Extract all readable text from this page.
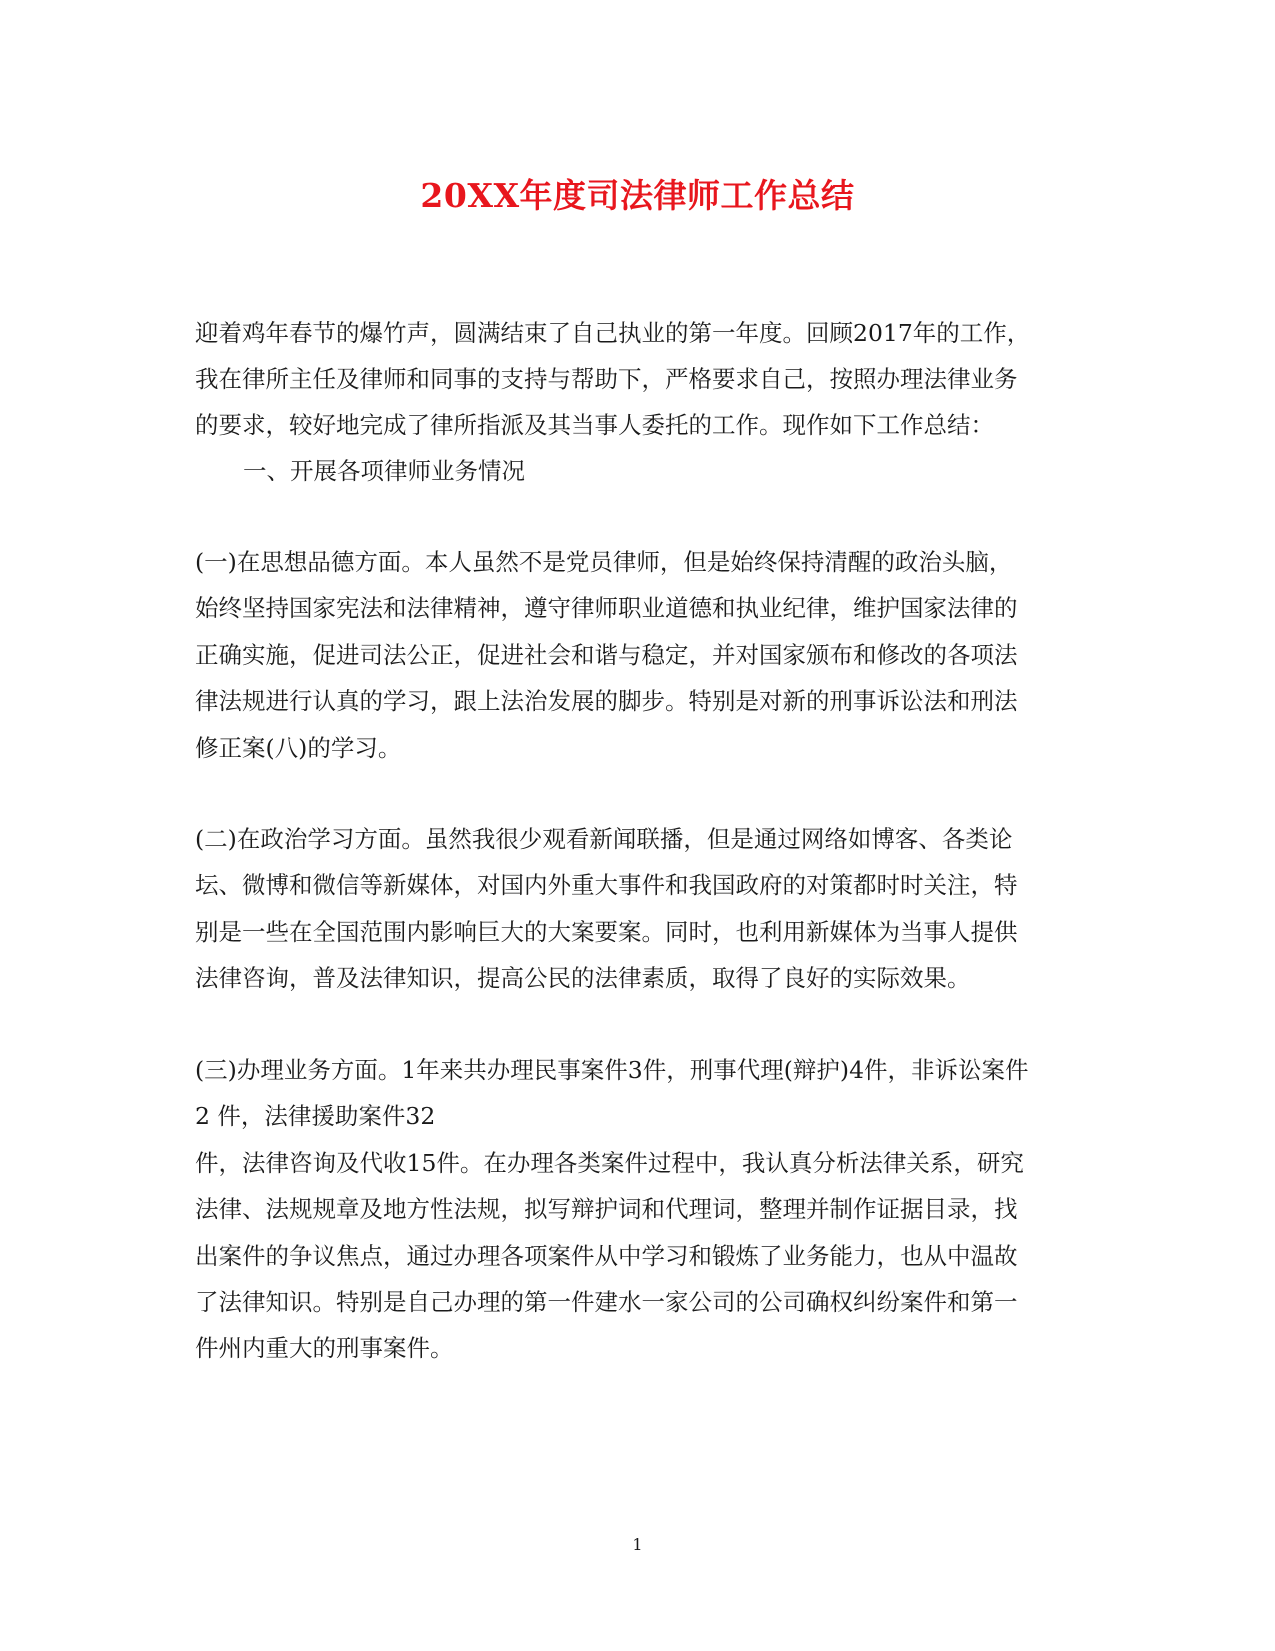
20XX年度司法律师工作总结

迎着鸡年春节的爆竹声，圆满结束了自己执业的第一年度。回顾2017年的工作，

我在律所主任及律师和同事的支持与帮助下，严格要求自己，按照办理法律业务

的要求，较好地完成了律所指派及其当事人委托的工作。现作如下工作总结：

一、开展各项律师业务情况

(一)在思想品德方面。本人虽然不是党员律师，但是始终保持清醒的政治头脑，

始终坚持国家宪法和法律精神，遵守律师职业道德和执业纪律，维护国家法律的

正确实施，促进司法公正，促进社会和谐与稳定，并对国家颁布和修改的各项法

律法规进行认真的学习，跟上法治发展的脚步。特别是对新的刑事诉讼法和刑法

修正案(八)的学习。

(二)在政治学习方面。虽然我很少观看新闻联播，但是通过网络如博客、各类论

坛、微博和微信等新媒体，对国内外重大事件和我国政府的对策都时时关注，特

别是一些在全国范围内影响巨大的大案要案。同时，也利用新媒体为当事人提供

法律咨询，普及法律知识，提高公民的法律素质，取得了良好的实际效果。

(三)办理业务方面。1年来共办理民事案件3件，刑事代理(辩护)4件，非诉讼案件

2 件，法律援助案件32

件，法律咨询及代收15件。在办理各类案件过程中，我认真分析法律关系，研究

法律、法规规章及地方性法规，拟写辩护词和代理词，整理并制作证据目录，找

出案件的争议焦点，通过办理各项案件从中学习和锻炼了业务能力，也从中温故

了法律知识。特别是自己办理的第一件建水一家公司的公司确权纠纷案件和第一

件州内重大的刑事案件。

1
